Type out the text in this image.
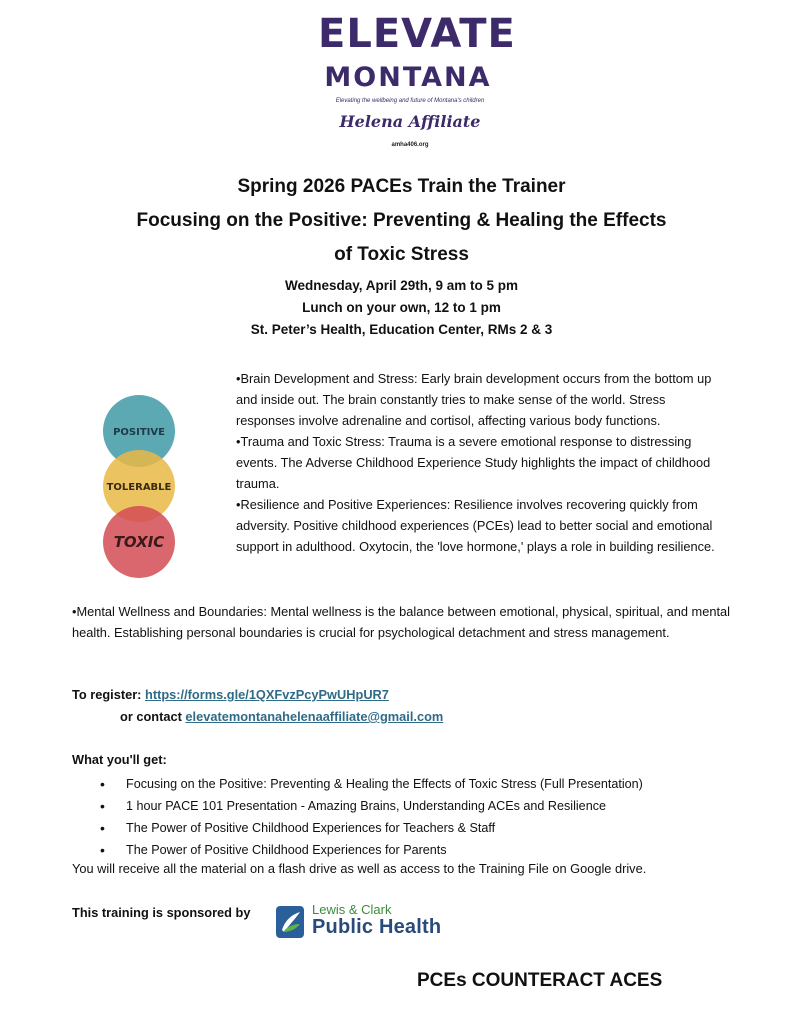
ELEVATE
MONTANA
Elevating the wellbeing and future of Montana's children
Helena Affiliate
amha406.org
Spring 2026 PACEs Train the Trainer
Focusing on the Positive: Preventing & Healing the Effects
of Toxic Stress
Wednesday, April 29th, 9 am to 5 pm
Lunch on your own, 12 to 1 pm
St. Peter’s Health, Education Center, RMs 2 & 3
POSITIVE
TOLERABLE
TOXIC

•Brain Development and Stress: Early brain development occurs from the bottom up and inside out. The brain constantly tries to make sense of the world. Stress responses involve adrenaline and cortisol, affecting various body functions.

•Trauma and Toxic Stress: Trauma is a severe emotional response to distressing events. The Adverse Childhood Experience Study highlights the impact of childhood trauma.

•Resilience and Positive Experiences: Resilience involves recovering quickly from adversity. Positive childhood experiences (PCEs) lead to better social and emotional support in adulthood. Oxytocin, the 'love hormone,' plays a role in building resilience.

•Mental Wellness and Boundaries: Mental wellness is the balance between emotional, physical, spiritual, and mental health. Establishing personal boundaries is crucial for psychological detachment and stress management.

To register: https://forms.gle/1QXFvzPcyPwUHpUR7
or contact elevatemontanahelenaaffiliate@gmail.com
What you'll get:
• Focusing on the Positive: Preventing & Healing the Effects of Toxic Stress (Full Presentation)
• 1 hour PACE 101 Presentation - Amazing Brains, Understanding ACEs and Resilience
• The Power of Positive Childhood Experiences for Teachers & Staff
• The Power of Positive Childhood Experiences for Parents
You will receive all the material on a flash drive as well as access to the Training File on Google drive.
This training is sponsored by	Lewis & Clark
Public Health
PCEs COUNTERACT ACES
